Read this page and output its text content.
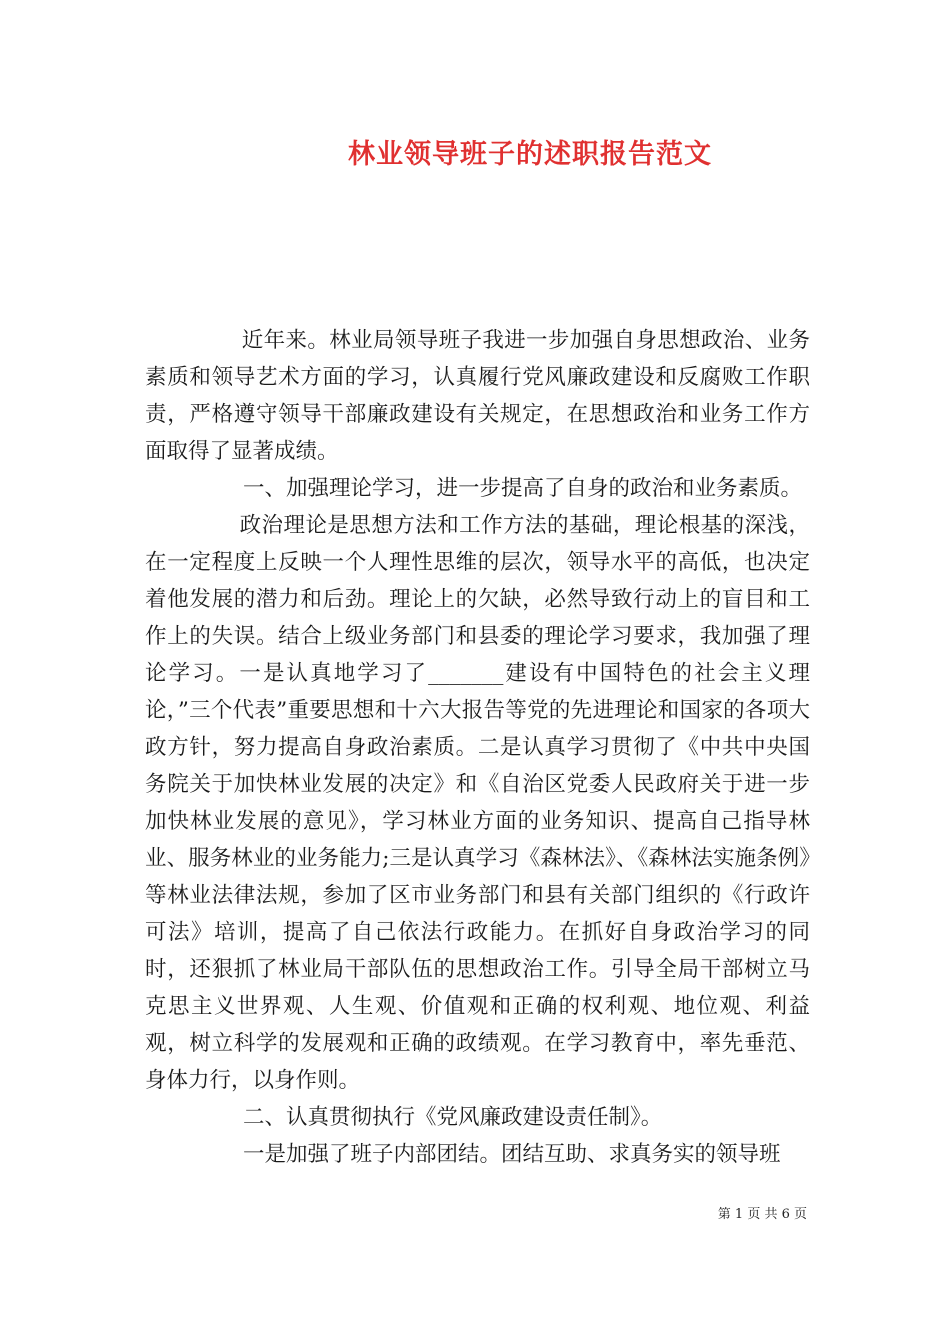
林业领导班子的述职报告范文

近年来。林业局领导班子我进一步加强自身思想政治、业务素质和领导艺术方面的学习，认真履行党风廉政建设和反腐败工作职责，严格遵守领导干部廉政建设有关规定，在思想政治和业务工作方面取得了显著成绩。

一、加强理论学习，进一步提高了自身的政治和业务素质。

政治理论是思想方法和工作方法的基础，理论根基的深浅，在一定程度上反映一个人理性思维的层次，领导水平的高低，也决定着他发展的潜力和后劲。理论上的欠缺，必然导致行动上的盲目和工作上的失误。结合上级业务部门和县委的理论学习要求，我加强了理论学习。一是认真地学习了_______建设有中国特色的社会主义理论，”三个代表”重要思想和十六大报告等党的先进理论和国家的各项大政方针，努力提高自身政治素质。二是认真学习贯彻了《中共中央国务院关于加快林业发展的决定》和《自治区党委人民政府关于进一步加快林业发展的意见》，学习林业方面的业务知识、提高自己指导林业、服务林业的业务能力;三是认真学习《森林法》、《森林法实施条例》等林业法律法规，参加了区市业务部门和县有关部门组织的《行政许可法》培训，提高了自己依法行政能力。在抓好自身政治学习的同时，还狠抓了林业局干部队伍的思想政治工作。引导全局干部树立马克思主义世界观、人生观、价值观和正确的权利观、地位观、利益观，树立科学的发展观和正确的政绩观。在学习教育中，率先垂范、身体力行，以身作则。

二、认真贯彻执行《党风廉政建设责任制》。

一是加强了班子内部团结。团结互助、求真务实的领导班

第 1 页 共 6 页
